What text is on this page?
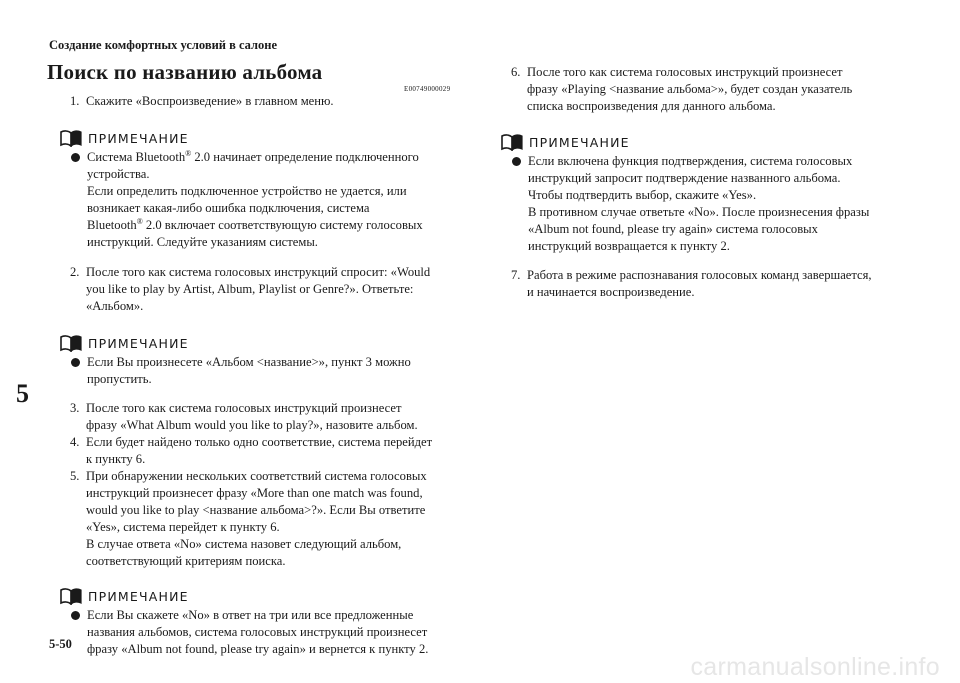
Создание комфортных условий в салоне
Поиск по названию альбома
E00749000029
5
1. Скажите «Воспроизведение» в главном меню.
ПРИМЕЧАНИЕ
Система Bluetooth® 2.0 начинает определение подключенного
устройства.
Если определить подключенное устройство не удается, или
возникает какая-либо ошибка подключения, система
Bluetooth® 2.0 включает соответствующую систему голосовых
инструкций. Следуйте указаниям системы.
2. После того как система голосовых инструкций спросит: «Would
you like to play by Artist, Album, Playlist or Genre?». Ответьте:
«Альбом».
ПРИМЕЧАНИЕ
Если Вы произнесете «Альбом <название>», пункт 3 можно
пропустить.
3. После того как система голосовых инструкций произнесет
фразу «What Album would you like to play?», назовите альбом.
4. Если будет найдено только одно соответствие, система перейдет
к пункту 6.
5. При обнаружении нескольких соответствий система голосовых
инструкций произнесет фразу «More than one match was found,
would you like to play <название альбома>?». Если Вы ответите
«Yes», система перейдет к пункту 6.
В случае ответа «No» система назовет следующий альбом,
соответствующий критериям поиска.
ПРИМЕЧАНИЕ
Если Вы скажете «No» в ответ на три или все предложенные
названия альбомов, система голосовых инструкций произнесет
фразу «Album not found, please try again» и вернется к пункту 2.
6. После того как система голосовых инструкций произнесет
фразу «Playing <название альбома>», будет создан указатель
списка воспроизведения для данного альбома.
ПРИМЕЧАНИЕ
Если включена функция подтверждения, система голосовых
инструкций запросит подтверждение названного альбома.
Чтобы подтвердить выбор, скажите «Yes».
В противном случае ответьте «No». После произнесения фразы
«Album not found, please try again» система голосовых
инструкций возвращается к пункту 2.
7. Работа в режиме распознавания голосовых команд завершается,
и начинается воспроизведение.
5-50
carmanualsonline.info
